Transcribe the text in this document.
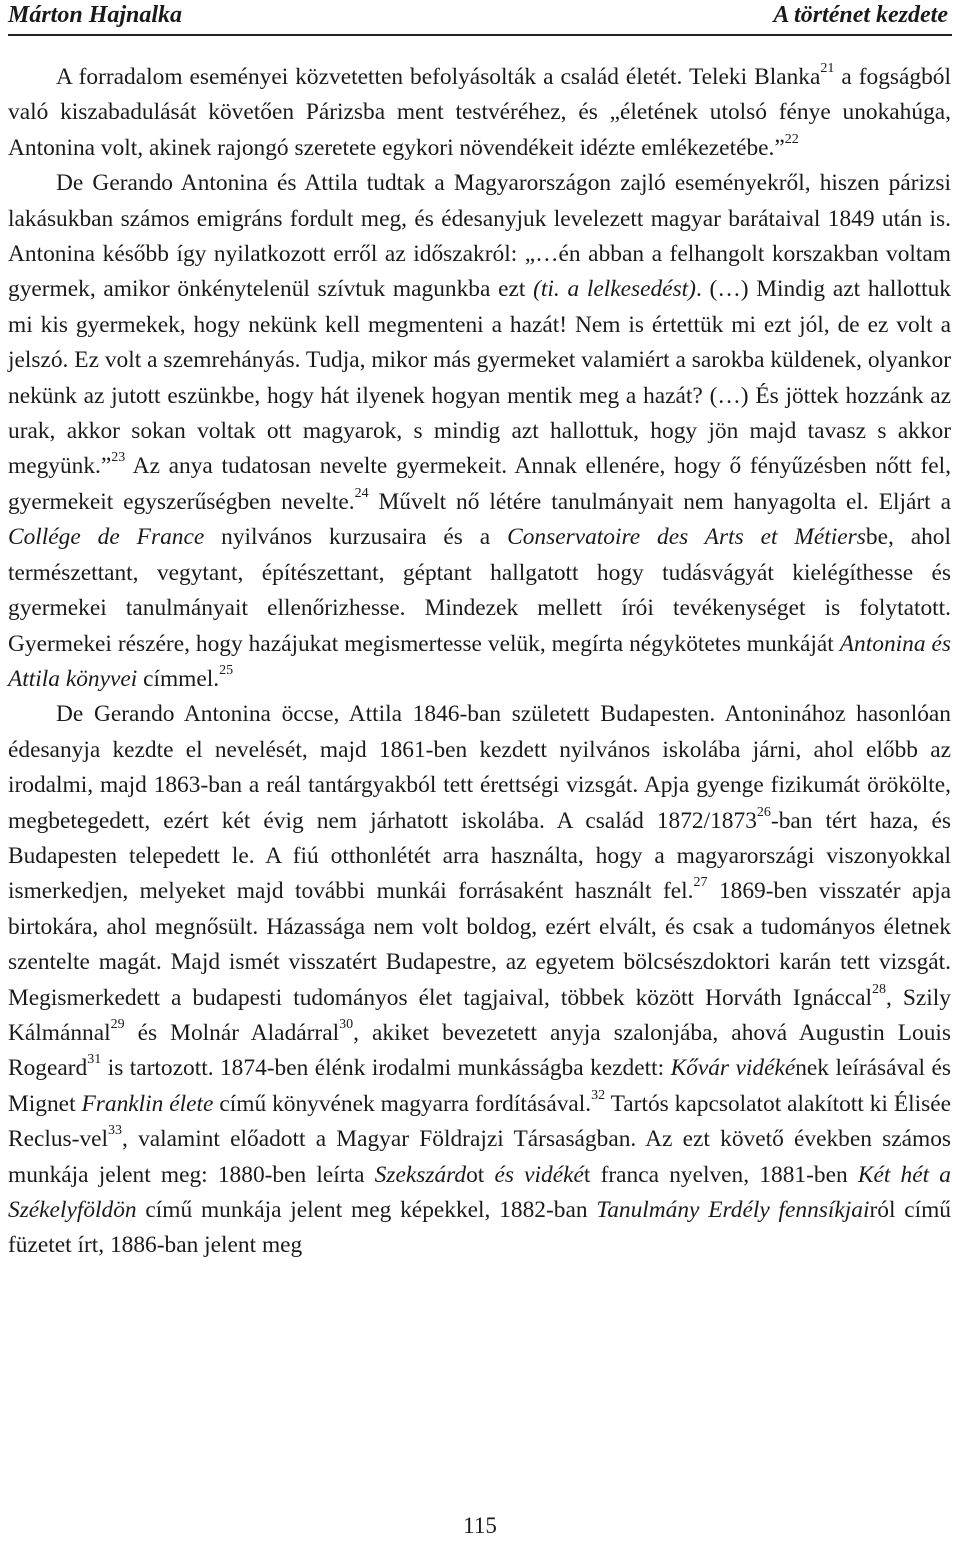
Márton Hajnalka	A történet kezdete

A forradalom eseményei közvetetten befolyásolták a család életét. Teleki Blanka$^{21}$ a fogságból való kiszabadulását követően Párizsba ment testvéréhez, és „életének utolsó fénye unokahúga, Antonina volt, akinek rajongó szeretete egykori növendékeit idézte emlékezetébe.”$^{22}$

De Gerando Antonina és Attila tudtak a Magyarországon zajló eseményekről, hiszen párizsi lakásukban számos emigráns fordult meg, és édesanyjuk levelezett magyar barátaival 1849 után is. Antonina később így nyilatkozott erről az időszakról: „…én abban a felhangolt korszakban voltam gyermek, amikor önkénytelenül szívtuk magunkba ezt (ti. a lelkesedést). (…) Mindig azt hallottuk mi kis gyermekek, hogy nekünk kell megmenteni a hazát! Nem is értettük mi ezt jól, de ez volt a jelszó. Ez volt a szemrehányás. Tudja, mikor más gyermeket valamiért a sarokba küldenek, olyankor nekünk az jutott eszünkbe, hogy hát ilyenek hogyan mentik meg a hazát? (…) És jöttek hozzánk az urak, akkor sokan voltak ott magyarok, s mindig azt hallottuk, hogy jön majd tavasz s akkor megyünk.”$^{23}$ Az anya tudatosan nevelte gyermekeit. Annak ellenére, hogy ő fényűzésben nőtt fel, gyermekeit egyszerűségben nevelte.$^{24}$ Művelt nő létére tanulmányait nem hanyagolta el. Eljárt a Collége de France nyilvános kurzusaira és a Conservatoire des Arts et Métiersbe, ahol természettant, vegytant, építészettant, géptant hallgatott hogy tudásvágyát kielégíthesse és gyermekei tanulmányait ellenőrizhesse. Mindezek mellett írói tevékenységet is folytatott. Gyermekei részére, hogy hazájukat megismertesse velük, megírta négykötetes munkáját Antonina és Attila könyvei címmel.$^{25}$

De Gerando Antonina öccse, Attila 1846-ban született Budapesten. Antoninához hasonlóan édesanyja kezdte el nevelését, majd 1861-ben kezdett nyilvános iskolába járni, ahol előbb az irodalmi, majd 1863-ban a reál tantárgyakból tett érettségi vizsgát. Apja gyenge fizikumát örökölte, megbetegedett, ezért két évig nem járhatott iskolába. A család 1872/1873$^{26}$-ban tért haza, és Budapesten telepedett le. A fiú otthonlétét arra használta, hogy a magyarországi viszonyokkal ismerkedjen, melyeket majd további munkái forrásaként használt fel.$^{27}$ 1869-ben visszatér apja birtokára, ahol megnősült. Házassága nem volt boldog, ezért elvált, és csak a tudományos életnek szentelte magát. Majd ismét visszatért Budapestre, az egyetem bölcsészdoktori karán tett vizsgát. Megismerkedett a budapesti tudományos élet tagjaival, többek között Horváth Ignáccal$^{28}$, Szily Kálmánnal$^{29}$ és Molnár Aladárral$^{30}$, akiket bevezetett anyja szalonjába, ahová Augustin Louis Rogeard$^{31}$ is tartozott. 1874-ben élénk irodalmi munkásságba kezdett: Kővár vidékének leírásával és Mignet Franklin élete című könyvének magyarra fordításával.$^{32}$ Tartós kapcsolatot alakított ki Élisée Reclus-vel$^{33}$, valamint előadott a Magyar Földrajzi Társaságban. Az ezt követő években számos munkája jelent meg: 1880-ben leírta Szekszárdot és vidékét franca nyelven, 1881-ben Két hét a Székelyföldön című munkája jelent meg képekkel, 1882-ban Tanulmány Erdély fennsíkjairól című füzetet írt, 1886-ban jelent meg

115
